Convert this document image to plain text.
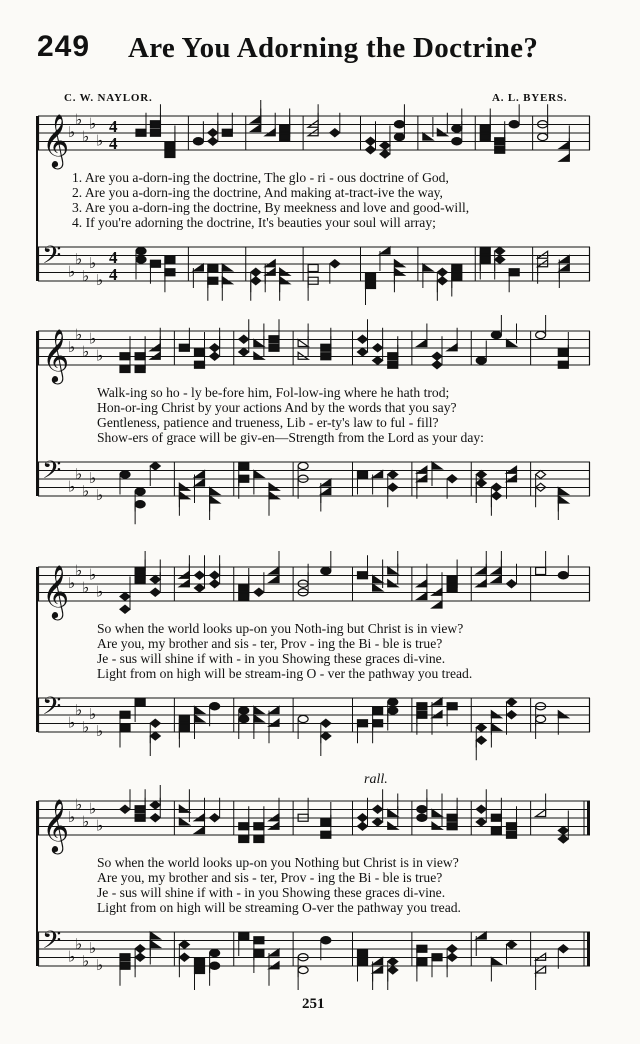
249 Are You Adorning the Doctrine?
C. W. NAYLOR.	A. L. BYERS.
𝄞
♭
♭
♭
♭
♭
4
4
1. Are you a-dorn-ing the doctrine, The glo - ri - ous doctrine of God,
2. Are you a-dorn-ing the doctrine, And making at-tract-ive the way,
3. Are you a-dorn-ing the doctrine, By meekness and love and good-will,
4. If you're adorning the doctrine, It's beauties your soul will array;
𝄢 ♭
♭
♭
♭
♭
4
4
𝄞
♭
♭
♭
♭
♭
Walk-ing so ho - ly be-fore him, Fol-low-ing where he hath trod;
Hon-or-ing Christ by your actions And by the words that you say?
Gentleness, patience and trueness, Lib - er-ty's law to ful - fill?
Show-ers of grace will be giv-en—Strength from the Lord as your day:
𝄢 ♭
♭
♭
♭
♭
𝄞
♭
♭
♭
♭
♭
So when the world looks up-on you Noth-ing but Christ is in view?
Are you, my brother and sis - ter, Prov - ing the Bi - ble is true?
Je - sus will shine if with - in you Showing these graces di-vine.
Light from on high will be stream-ing O - ver the pathway you tread.
𝄢 ♭
♭
♭
♭
♭
𝄞
♭
♭
♭
♭
♭
So when the world looks up-on you Nothing but Christ is in view?
Are you, my brother and sis - ter, Prov - ing the Bi - ble is true?
Je - sus will shine if with - in you Showing these graces di-vine.
Light from on high will be streaming O-ver the pathway you tread.
𝄢 ♭
♭
♭
♭
♭
rall.
251
